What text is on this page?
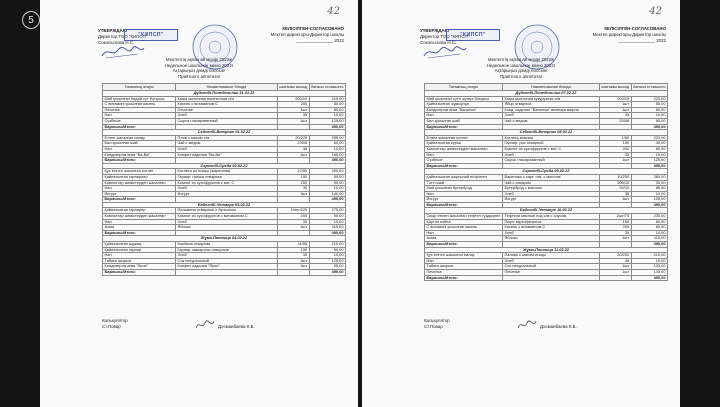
5
42
УТВЕРЖДАЮ
Директор ТОО "КИПСП"
Сокольскова Н.С.
"КИПСП"
КЕЛІСІЛГЕН-СОГЛАСОВАНО
Мектеп директоры-Директор школы
_______________ 2022
Мектептің ақпан ай мәзірі 2022ж
Недельное школьное меню 2022г
Ақтарыңыз дәмді болсын!
Приятного аппетита!
Тағамның атауы	Наименование блюда	шығымы выход	бағасы стоимость
Дүйсенбі-Понедельник 31.01.22			
Май қосылған бидай сүт ботқасы	Каша молочная пшеничная с/м	200/10	215,00
С витамині қосылған кисель	Кисель с витамином С	200	80,00
Печенье	Печенье	1шт	80,00
Нан	Хлеб	35	10,00
Сүзбеше	Сырок глазированный	1шт	125,00
Барлығы/Итого:			490,00
Сейсенбі-Вторник 01.02.22			
Етпен жасалған палау	Плов с мясом т/м	20/225	255,00
Бал қосылған шай	Чай с медом	200/8	60,00
Нан	Хлеб	35	10,00
Кондитерлік өнім "Ва-Ва"	Конфет изделия "Ва-Ва"	1шт	165,00
Барлығы/Итого:			490,00
Сәрсенбі-Среда 02.02.22			
Құс етінен жасалған котлет	Котлета из птицы (жаренная)	22/50	200,00
Қайнатылған гарнирлер	Гарнир: гречка отварная	150	50,00
Компоттар жемістерден жасалған	Компот из сухофруктов с вит. С	200	90,00
Нан	Хлеб	35	10,00
Йогурт	Йогурт	1шт	140,00
Барлығы/Итого:			490,00
Бейсенбі-Четверг 03.02.22			
Қайнатылған гарнирер	Пельмени отварные с бульоном	1/нег/220	275,00
Компоттар жемістерден жасалған	Компот из сухофруктов с витамином С	200	90,00
Нан	Хлеб	35	10,00
Алма	Яблоко	1шт	115,00
Барлығы/Итого:			490,00
Жұма-Пятница 04.02.22			
Қайнатылған шұжық	Колбаса отварная	11/55	210,00
Қайнатылған гарнир	Гарнир: макароны отварные	150	50,00
Нан	Хлеб	35	10,00
Табиғи шырын	Сок натуральный	1шт	125,00
Кондитерлік өнім "Ярче"	Конфет изделия "Ярче"	1шт	95,00
Барлығы/Итого:			490,00
Калькулятор
Ст.Повар	Досмаибаева К.Б.
42
УТВЕРЖДАЮ
Директор ТОО "КИПСП"
Сокольскова Н.С.
"КИПСП"
КЕЛІСІЛГЕН-СОГЛАСОВАНО
Мектеп директоры-Директор школы
_______________ 2022
Мектептің ақпан ай мәзірі 2022ж
Недельное школьное меню 2022г
Ақтарыңыз дәмді болсын!
Приятного аппетита!
Тағамның атауы	Наименование блюда	шығымы выход	бағасы стоимость
Дүйсенбі-Понедельник 07.02.22			
Май қосылған сүтті жүгері ботқасы	Каша молочная кукурузная с/м	200/10	220,00
Қайнатылған жұмыртқа	Яйцо отварное	1шт	85,00
Кондитерлік өнім "Ванилла"	Конд. изделие "Ванилла" выпечка вафли	1шт	80,00
Нан	Хлеб	35	10,00
Бал қосылған шай	Чай с медом	200/8	60,00
Барлығы/Итого:			490,00
Сейсенбі-Вторник 08.02.22			
Етпен жасалған котлет	Котлета мясная	1/80	220,00
Қайнатылған күріш	Гарнир: рис отварной	150	40,00
Компоттар жемістерден жасалған	Компот из сухофруктов с вит. С	200	80,00
Нан	Хлеб	35	10,00
Сүзбеше	Сырок глазированный	1шт	125,00
Барлығы/Итого:			490,00
Сәрсенбі-Среда 09.02.22			
Қайнатылған жартылай пісірілген	Вареники с карт. отв. с маслом	10/250	260,00
Тәтті шай	Чай с сахаром	200/10	35,00
Май қосылған бутерброд	Бутерброд с маслом	30/10	85,00
Нан	Хлеб	35	10,00
Йогурт	Йогурт	1шт	100,00
Барлығы/Итого:			490,00
Бейсенбі-Четверг 10.02.22			
Сиыр етінен жасалған тефтел тұздықпен	Тефтели мясные под с/м с соусом	2шт/75	230,00
Картоп езбесі	Пюре картофельное	150	60,00
С витамині қосылған кисель	Кисель с витамином С	200	80,00
Нан	Хлеб	35	10,00
Алма	Яблоко	1шт	110,00
Барлығы/Итого:			490,00
Жұма-Пятница 11.02.22			
Құс етінен жасалған палау	Палово с мясом птицы	20/200	210,00
Нан	Хлеб	35	10,00
Табиғи шырын	Сок натуральный	1шт	125,00
Печенье	Печенье	1шт	145,00
Барлығы/Итого:			490,00
Калькулятор
Ст.Повар	Досмаибаева К.Б.
